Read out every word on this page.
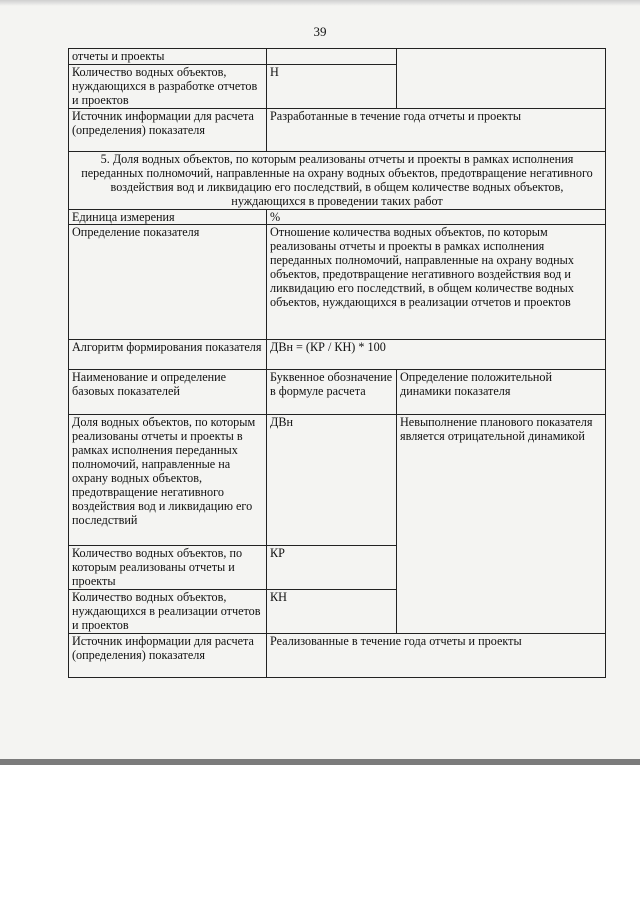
39
отчеты и проекты		
Количество водных объектов, нуждающихся в разработке отчетов и проектов	Н	
Источник информации для расчета (определения) показателя	Разработанные в течение года отчеты и проекты	
5. Доля водных объектов, по которым реализованы отчеты и проекты в рамках исполнения переданных полномочий, направленные на охрану водных объектов, предотвращение негативного воздействия вод и ликвидацию его последствий, в общем количестве водных объектов, нуждающихся в проведении таких работ		
Единица измерения	%	
Определение показателя	Отношение количества водных объектов, по которым реализованы отчеты и проекты в рамках исполнения переданных полномочий, направленные на охрану водных объектов, предотвращение негативного воздействия вод и ликвидацию его последствий, в общем количестве водных объектов, нуждающихся в реализации отчетов и проектов	
Алгоритм формирования показателя	ДВн = (КР / КН) * 100	
Наименование и определение базовых показателей	Буквенное обозначение в формуле расчета	Определение положительной динамики показателя
Доля водных объектов, по которым реализованы отчеты и проекты в рамках исполнения переданных полномочий, направленные на охрану водных объектов, предотвращение негативного воздействия вод и ликвидацию его последствий	ДВн	Невыполнение планового показателя является отрицательной динамикой
Количество водных объектов, по которым реализованы отчеты и проекты	КР	
Количество водных объектов, нуждающихся в реализации отчетов и проектов	КН	
Источник информации для расчета (определения) показателя	Реализованные в течение года отчеты и проекты	
